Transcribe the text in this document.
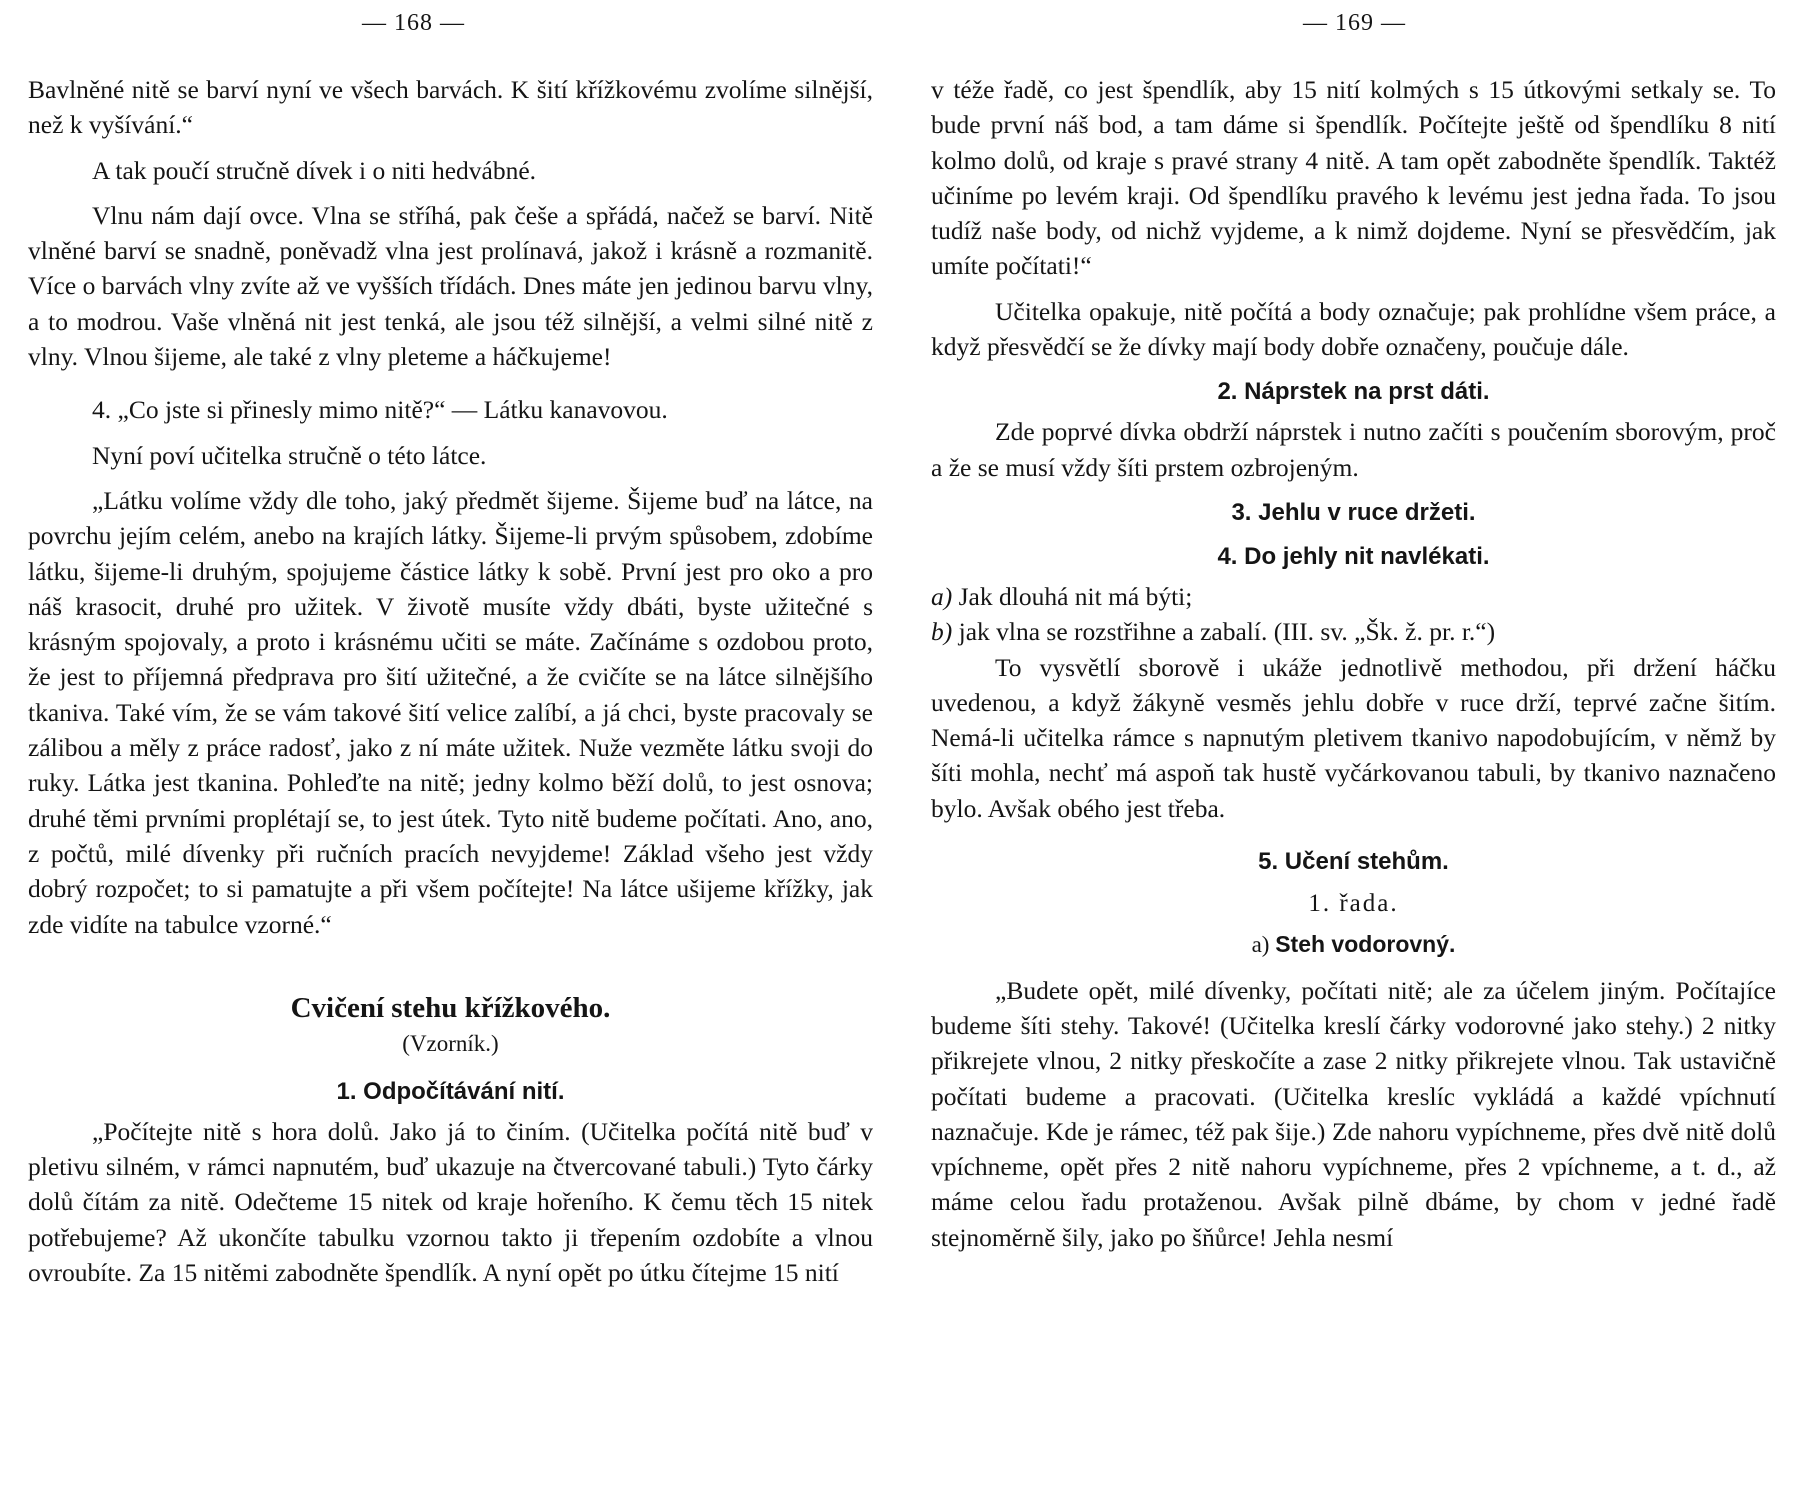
— 168 —

Bavlněné nitě se barví nyní ve všech barvách. K šití křížkovému zvolíme silnější, než k vyšívání.“

A tak poučí stručně dívek i o niti hedvábné.

Vlnu nám dají ovce. Vlna se stříhá, pak češe a spřádá, načež se barví. Nitě vlněné barví se snadně, poněvadž vlna jest prolínavá, jakož i krásně a rozmanitě. Více o barvách vlny zvíte až ve vyšších třídách. Dnes máte jen jedinou barvu vlny, a to modrou. Vaše vlněná nit jest tenká, ale jsou též silnější, a velmi silné nitě z vlny. Vlnou šijeme, ale také z vlny pleteme a háčkujeme!

4. „Co jste si přinesly mimo nitě?“ — Látku kanavovou.

Nyní poví učitelka stručně o této látce.

„Látku volíme vždy dle toho, jaký předmět šijeme. Šijeme buď na látce, na povrchu jejím celém, anebo na krajích látky. Šijeme-li prvým spůsobem, zdobíme látku, šijeme-li druhým, spojujeme částice látky k sobě. První jest pro oko a pro náš krasocit, druhé pro užitek. V životě musíte vždy dbáti, byste užitečné s krásným spojovaly, a proto i krásnému učiti se máte. Začínáme s ozdobou proto, že jest to příjemná předprava pro šití užitečné, a že cvičíte se na látce silnějšího tkaniva. Také vím, že se vám takové šití velice zalíbí, a já chci, byste pracovaly se zálibou a měly z práce radosť, jako z ní máte užitek. Nuže vezměte látku svoji do ruky. Látka jest tkanina. Pohleďte na nitě; jedny kolmo běží dolů, to jest osnova; druhé těmi prvními proplétají se, to jest útek. Tyto nitě budeme počítati. Ano, ano, z počtů, milé dívenky při ručních pracích nevyjdeme! Základ všeho jest vždy dobrý rozpočet; to si pamatujte a při všem počítejte! Na látce ušijeme křížky, jak zde vidíte na tabulce vzorné.“

Cvičení stehu křížkového.
(Vzorník.)
1. Odpočítávání nití.

„Počítejte nitě s hora dolů. Jako já to činím. (Učitelka počítá nitě buď v pletivu silném, v rámci napnutém, buď ukazuje na čtvercované tabuli.) Tyto čárky dolů čítám za nitě. Odečteme 15 nitek od kraje hořeního. K čemu těch 15 nitek potřebujeme? Až ukončíte tabulku vzornou takto ji třepením ozdobíte a vlnou ovroubíte. Za 15 nitěmi zabodněte špendlík. A nyní opět po útku čítejme 15 nití

— 169 —

v téže řadě, co jest špendlík, aby 15 nití kolmých s 15 útkovými setkaly se. To bude první náš bod, a tam dáme si špendlík. Počítejte ještě od špendlíku 8 nití kolmo dolů, od kraje s pravé strany 4 nitě. A tam opět zabodněte špendlík. Taktéž učiníme po levém kraji. Od špendlíku pravého k levému jest jedna řada. To jsou tudíž naše body, od nichž vyjdeme, a k nimž dojdeme. Nyní se přesvědčím, jak umíte počítati!“

Učitelka opakuje, nitě počítá a body označuje; pak prohlídne všem práce, a když přesvědčí se že dívky mají body dobře označeny, poučuje dále.

2. Náprstek na prst dáti.

Zde poprvé dívka obdrží náprstek i nutno začíti s poučením sborovým, proč a že se musí vždy šíti prstem ozbrojeným.

3. Jehlu v ruce držeti.
4. Do jehly nit navlékati.

a) Jak dlouhá nit má býti;

b) jak vlna se rozstřihne a zabalí. (III. sv. „Šk. ž. pr. r.“)

To vysvětlí sborově i ukáže jednotlivě methodou, při držení háčku uvedenou, a když žákyně vesměs jehlu dobře v ruce drží, teprvé začne šitím. Nemá-li učitelka rámce s napnutým pletivem tkanivo napodobujícím, v němž by šíti mohla, nechť má aspoň tak hustě vyčárkovanou tabuli, by tkanivo naznačeno bylo. Avšak obého jest třeba.

5. Učení stehům.
1. řada.
a) Steh vodorovný.

„Budete opět, milé dívenky, počítati nitě; ale za účelem jiným. Počítajíce budeme šíti stehy. Takové! (Učitelka kreslí čárky vodorovné jako stehy.) 2 nitky přikrejete vlnou, 2 nitky přeskočíte a zase 2 nitky přikrejete vlnou. Tak ustavičně počítati budeme a pracovati. (Učitelka kreslíc vykládá a každé vpíchnutí naznačuje. Kde je rámec, též pak šije.) Zde nahoru vypíchneme, přes dvě nitě dolů vpíchneme, opět přes 2 nitě nahoru vypíchneme, přes 2 vpíchneme, a t. d., až máme celou řadu protaženou. Avšak pilně dbáme, by chom v jedné řadě stejnoměrně šily, jako po šňůrce! Jehla nesmí
